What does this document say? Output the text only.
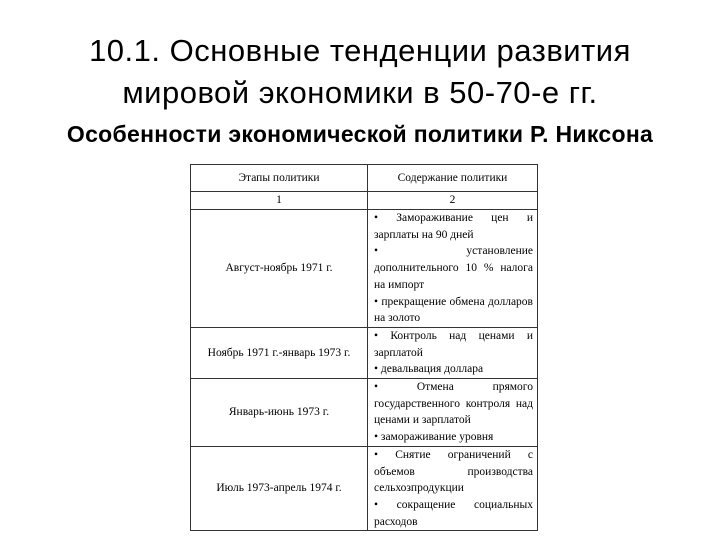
10.1. Основные тенденции развития
мировой экономики в 50-70-е гг.
Особенности экономической политики Р. Никсона
Этапы политики	Содержание политики
1	2
Август-ноябрь 1971 г.	• Замораживание цен и зарплаты на 90 дней
• установление дополнительного 10 % налога на импорт
• прекращение обмена долларов на золото

Ноябрь 1971 г.-январь 1973 г.	• Контроль над ценами и зарплатой
• девальвация доллара

Январь-июнь 1973 г.	• Отмена прямого государственного контроля над ценами и зарплатой
• замораживание уровня

Июль 1973-апрель 1974 г.	• Снятие ограничений с объемов производства сельхозпродукции
• сокращение социальных расходов
